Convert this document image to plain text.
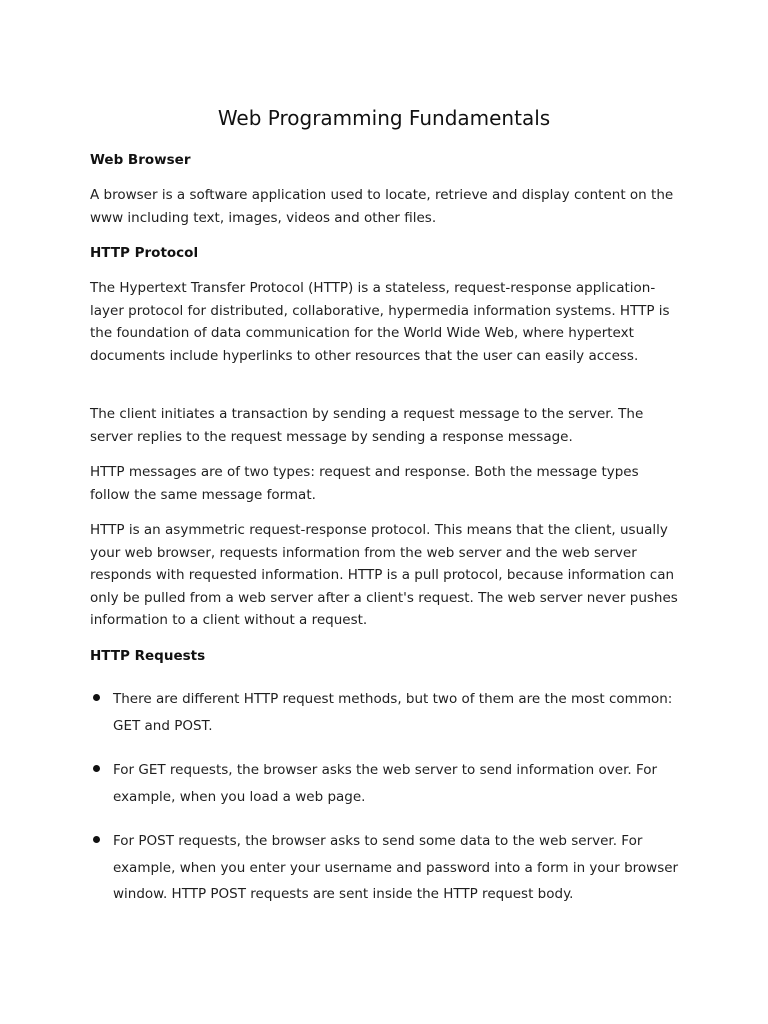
Web Programming Fundamentals
Web Browser

A browser is a software application used to locate, retrieve and display content on the www including text, images, videos and other files.

HTTP Protocol

The Hypertext Transfer Protocol (HTTP) is a stateless, request-response application-layer protocol for distributed, collaborative, hypermedia information systems. HTTP is the foundation of data communication for the World Wide Web, where hypertext documents include hyperlinks to other resources that the user can easily access.

The client initiates a transaction by sending a request message to the server. The server replies to the request message by sending a response message.

HTTP messages are of two types: request and response. Both the message types follow the same message format.

HTTP is an asymmetric request-response protocol. This means that the client, usually your web browser, requests information from the web server and the web server responds with requested information. HTTP is a pull protocol, because information can only be pulled from a web server after a client's request. The web server never pushes information to a client without a request.

HTTP Requests
There are different HTTP request methods, but two of them are the most common: GET and POST.
For GET requests, the browser asks the web server to send information over. For example, when you load a web page.
For POST requests, the browser asks to send some data to the web server. For example, when you enter your username and password into a form in your browser window. HTTP POST requests are sent inside the HTTP request body.
